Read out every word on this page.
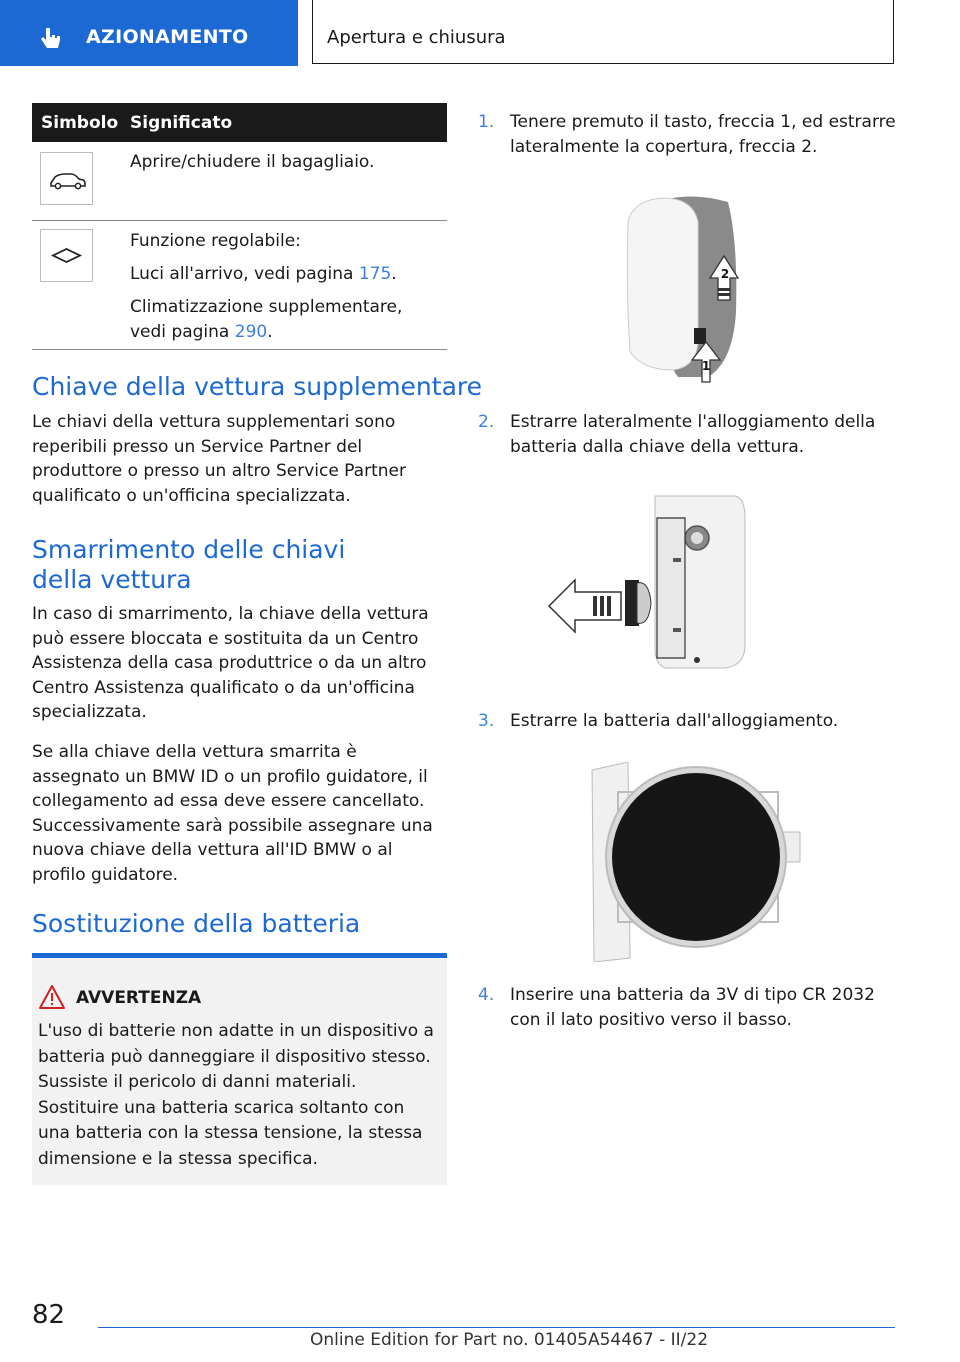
AZIONAMENTO	Apertura e chiusura
Simbolo Significato

Aprire/chiudere il bagagliaio.

Funzione regolabile:

Luci all'arrivo, vedi pagina 175.

Climatizzazione supplementare, vedi pagina 290.

Chiave della vettura supplementare

Le chiavi della vettura supplementari sono reperibili presso un Service Partner del produttore o presso un altro Service Partner qualificato o un'officina specializzata.

Smarrimento delle chiavi della vettura

In caso di smarrimento, la chiave della vettura può essere bloccata e sostituita da un Centro Assistenza della casa produttrice o da un altro Centro Assistenza qualificato o da un'officina specializzata.

Se alla chiave della vettura smarrita è assegnato un BMW ID o un profilo guidatore, il collegamento ad essa deve essere cancellato. Successivamente sarà possibile assegnare una nuova chiave della vettura all'ID BMW o al profilo guidatore.

Sostituzione della batteria
AVVERTENZA

L'uso di batterie non adatte in un dispositivo a batteria può danneggiare il dispositivo stesso. Sussiste il pericolo di danni materiali. Sostituire una batteria scarica soltanto con una batteria con la stessa tensione, la stessa dimensione e la stessa specifica.

1. Tenere premuto il tasto, freccia 1, ed estrarre lateralmente la copertura, freccia 2.
1
2
2. Estrarre lateralmente l'alloggiamento della batteria dalla chiave della vettura.
3. Estrarre la batteria dall'alloggiamento.
4. Inserire una batteria da 3V di tipo CR 2032 con il lato positivo verso il basso.
82
Online Edition for Part no. 01405A54467 - II/22
